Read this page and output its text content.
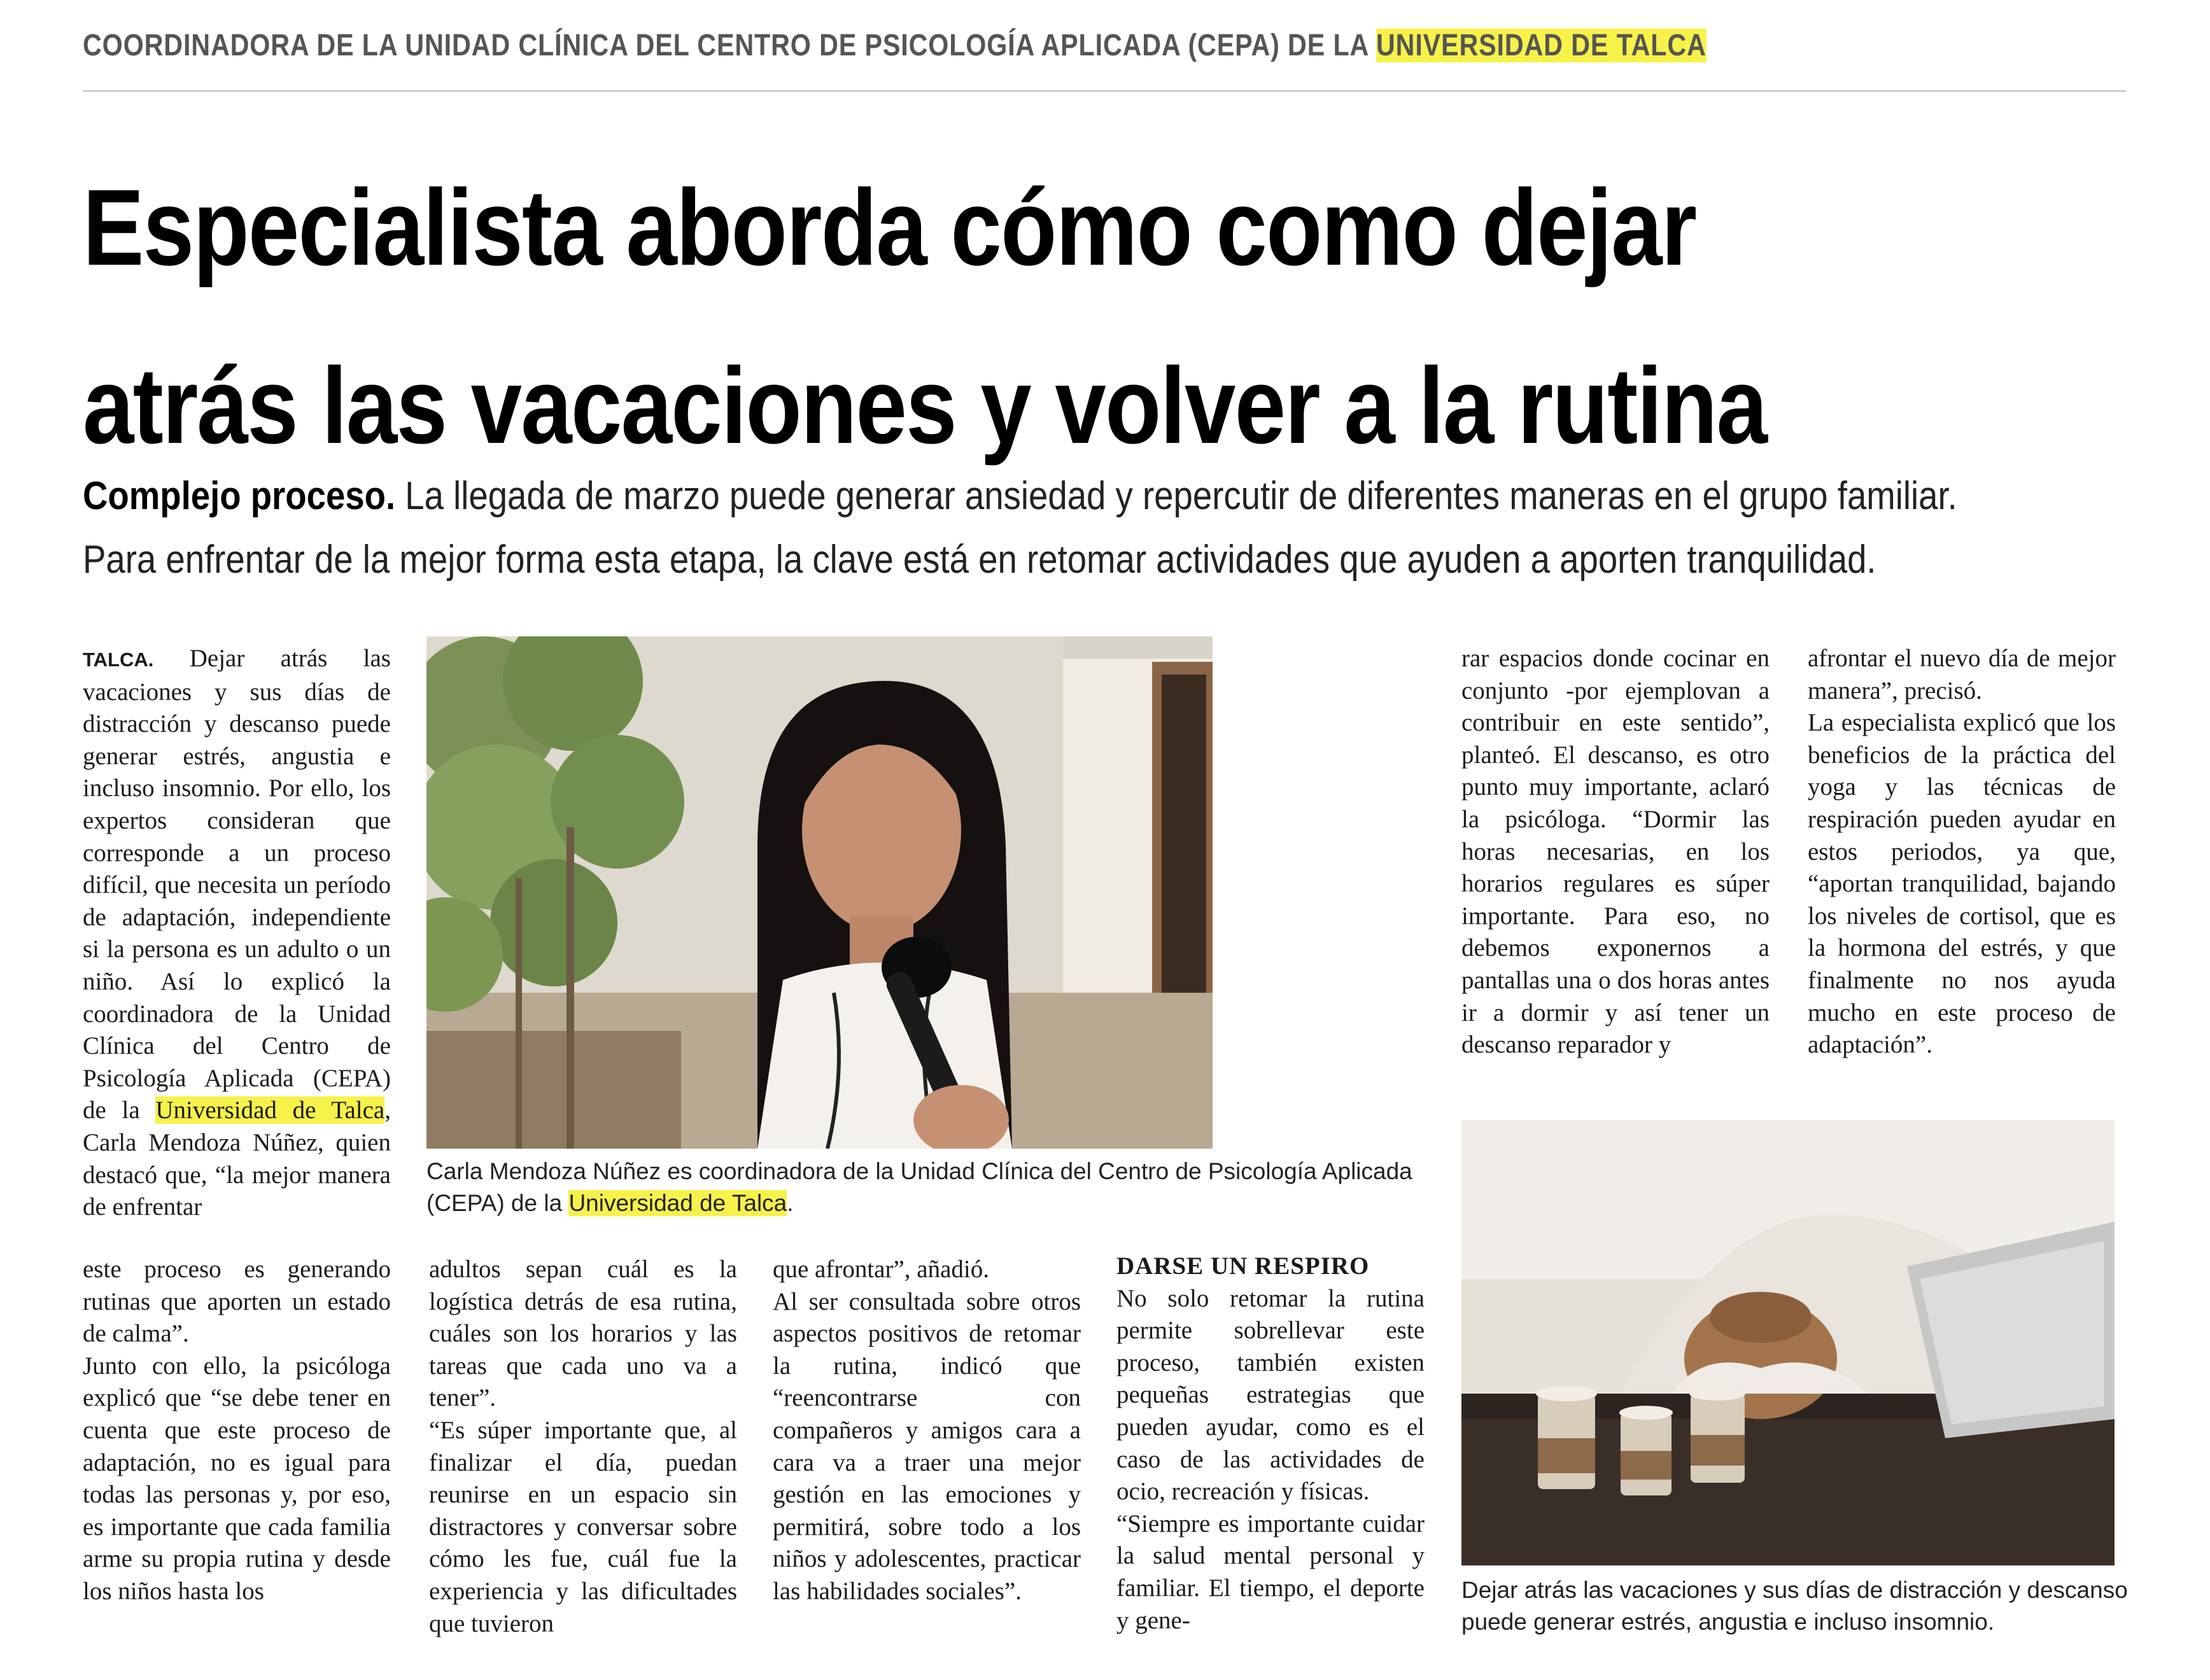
COORDINADORA DE LA UNIDAD CLÍNICA DEL CENTRO DE PSICOLOGÍA APLICADA (CEPA) DE LA UNIVERSIDAD DE TALCA
Especialista aborda cómo como dejar
atrás las vacaciones y volver a la rutina
Complejo proceso. La llegada de marzo puede generar ansiedad y repercutir de diferentes maneras en el grupo familiar.
Para enfrentar de la mejor forma esta etapa, la clave está en retomar actividades que ayuden a aporten tranquilidad.
Carla Mendoza Núñez es coordinadora de la Unidad Clínica del Centro de Psicología Aplicada (CEPA) de la Universidad de Talca.

TALCA. Dejar atrás las vacaciones y sus días de distracción y descanso puede generar estrés, angustia e incluso insomnio. Por ello, los expertos consideran que corresponde a un proceso difícil, que necesita un período de adaptación, independiente si la persona es un adulto o un niño. Así lo explicó la coordinadora de la Unidad Clínica del Centro de Psicología Aplicada (CEPA) de la Universidad de Talca, Carla Mendoza Núñez, quien destacó que, “la mejor manera de enfrentar

este proceso es generando rutinas que aporten un estado de calma”.

Junto con ello, la psicóloga explicó que “se debe tener en cuenta que este proceso de adaptación, no es igual para todas las personas y, por eso, es importante que cada familia arme su propia rutina y desde los niños hasta los

adultos sepan cuál es la logística detrás de esa rutina, cuáles son los horarios y las tareas que cada uno va a tener”.

“Es súper importante que, al finalizar el día, puedan reunirse en un espacio sin distractores y conversar sobre cómo les fue, cuál fue la experiencia y las dificultades que tuvieron

que afrontar”, añadió.

Al ser consultada sobre otros aspectos positivos de retomar la rutina, indicó que “reencontrarse con compañeros y amigos cara a cara va a traer una mejor gestión en las emociones y permitirá, sobre todo a los niños y adolescentes, practicar las habilidades sociales”.

DARSE UN RESPIRO

No solo retomar la rutina permite sobrellevar este proceso, también existen pequeñas estrategias que pueden ayudar, como es el caso de las actividades de ocio, recreación y físicas.

“Siempre es importante cuidar la salud mental personal y familiar. El tiempo, el deporte y gene-

rar espacios donde cocinar en conjunto -por ejemplovan a contribuir en este sentido”, planteó. El descanso, es otro punto muy importante, aclaró la psicóloga. “Dormir las horas necesarias, en los horarios regulares es súper importante. Para eso, no debemos exponernos a pantallas una o dos horas antes ir a dormir y así tener un descanso reparador y

afrontar el nuevo día de mejor manera”, precisó.

La especialista explicó que los beneficios de la práctica del yoga y las técnicas de respiración pueden ayudar en estos periodos, ya que, “aportan tranquilidad, bajando los niveles de cortisol, que es la hormona del estrés, y que finalmente no nos ayuda mucho en este proceso de adaptación”.

Dejar atrás las vacaciones y sus días de distracción y descanso puede generar estrés, angustia e incluso insomnio.
